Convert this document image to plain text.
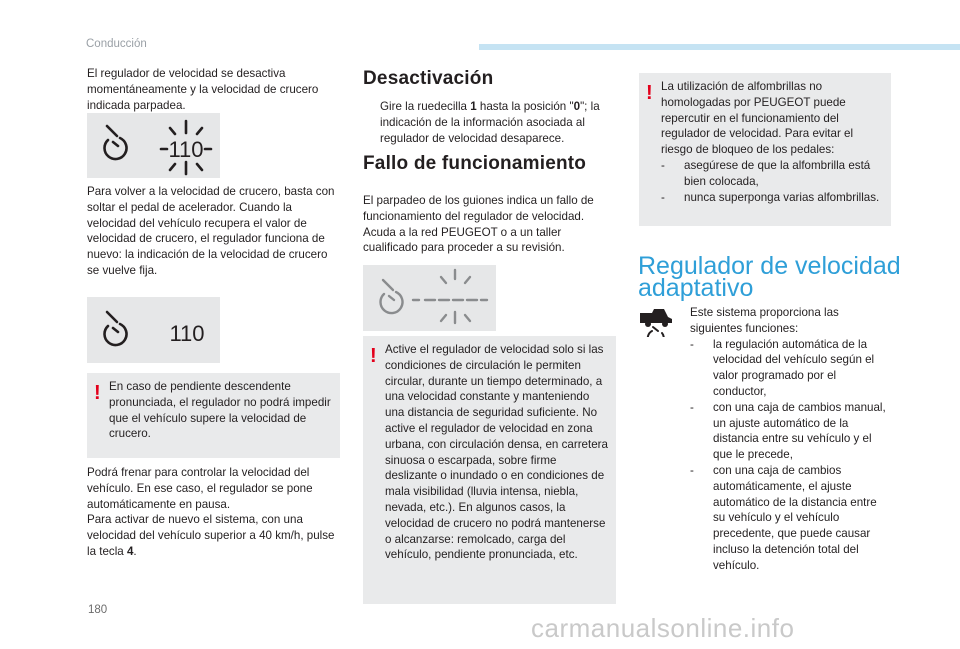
Conducción

El regulador de velocidad se desactiva momentáneamente y la velocidad de crucero indicada parpadea.

110

Para volver a la velocidad de crucero, basta con soltar el pedal de acelerador. Cuando la velocidad del vehículo recupera el valor de velocidad de crucero, el regulador funciona de nuevo: la indicación de la velocidad de crucero se vuelve fija.

110
! En caso de pendiente descendente pronunciada, el regulador no podrá impedir que el vehículo supere la velocidad de crucero.

Podrá frenar para controlar la velocidad del vehículo. En ese caso, el regulador se pone automáticamente en pausa.

Para activar de nuevo el sistema, con una velocidad del vehículo superior a 40 km/h, pulse la tecla 4.

Desactivación
Gire la ruedecilla 1 hasta la posición "0"; la indicación de la información asociada al regulador de velocidad desaparece.
Fallo de funcionamiento

El parpadeo de los guiones indica un fallo de funcionamiento del regulador de velocidad. Acuda a la red PEUGEOT o a un taller cualificado para proceder a su revisión.

! Active el regulador de velocidad solo si las condiciones de circulación le permiten circular, durante un tiempo determinado, a una velocidad constante y manteniendo una distancia de seguridad suficiente. No active el regulador de velocidad en zona urbana, con circulación densa, en carretera sinuosa o escarpada, sobre firme deslizante o inundado o en condiciones de mala visibilidad (lluvia intensa, niebla, nevada, etc.). En algunos casos, la velocidad de crucero no podrá mantenerse o alcanzarse: remolcado, carga del vehículo, pendiente pronunciada, etc.

! La utilización de alfombrillas no homologadas por PEUGEOT puede repercutir en el funcionamiento del regulador de velocidad. Para evitar el riesgo de bloqueo de los pedales:

- asegúrese de que la alfombrilla está bien colocada,
- nunca superponga varias alfombrillas.
Regulador de velocidad
adaptativo

Este sistema proporciona las siguientes funciones:

- la regulación automática de la velocidad del vehículo según el valor programado por el conductor,
- con una caja de cambios manual, un ajuste automático de la distancia entre su vehículo y el que le precede,
- con una caja de cambios automáticamente, el ajuste automático de la distancia entre su vehículo y el vehículo precedente, que puede causar incluso la detención total del vehículo.
180
carmanualsonline.info
